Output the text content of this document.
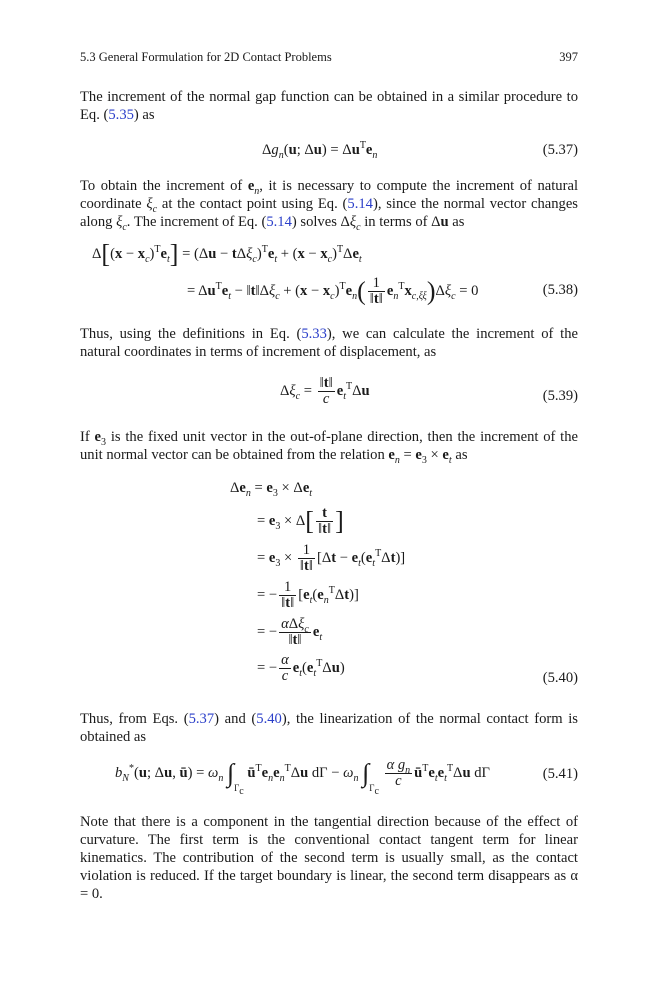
5.3 General Formulation for 2D Contact Problems	397
The increment of the normal gap function can be obtained in a similar procedure to Eq. (5.35) as
$\Delta g_n(u$; $\Delta u) = \Delta u^Te_n$	(5.37)
To obtain the increment of $e_n$, it is necessary to compute the increment of natural coordinate $\xi_c$ at the contact point using Eq. (5.14), since the normal vector changes along $\xi_c$. The increment of Eq. (5.14) solves $\Delta\xi_c$ in terms of Δu as
$\Delta[(x - x_c)^Te_t] = (\Delta u - t\Delta\xi_c)^Te_t + (x - x_c)^T\Delta e_t$
= $\Delta u^Te_t$ − $‖t‖\Delta\xi_c + (x - x_c)^Te_n( \frac{1}{‖t‖} e_n^Tx_{c,\xi\xi})\Delta\xi_c = 0$	(5.38)
Thus, using the definitions in Eq. (5.33), we can calculate the increment of the natural coordinates in terms of increment of displacement, as
$\Delta\xi_c = \frac{‖t‖}{c} e_t^T\Delta u$	(5.39)
If $e_3$ is the fixed unit vector in the out-of-plane direction, then the increment of the unit normal vector can be obtained from the relation $e_n = e_3 \times e_t$ as
$\Delta e_n = e_3 \times \Delta e_t$
= $e_3 \times \Delta[ \frac{t}{‖t‖}$ ]
= $e_3 \times \frac{1}{‖t‖} [\Delta t - e_t(e_t^T\Delta t)]$
= − $\frac{1}{‖t‖} [e_t(e_n^T\Delta t)]$
= − $\frac{\alpha\Delta\xi_c}{‖t‖} e_t$
= − $\frac{\alpha}{c} e_t(e_t^T\Delta u)$
(5.40)
Thus, from Eqs. (5.37) and (5.40), the linearization of the normal contact form is obtained as
$b_N^*(u$; Δu, ū) = $\omega_n$ $\int_{\Gamma_c}$ $ū^Te_ne_n^T\Delta u$ $d\Gamma - \omega_n$ $\int_{\Gamma_c}$
$\frac{\alpha g_n}{c}$ $ū^Te_te_t^T\Delta u$ dΓ	(5.41)
Note that there is a component in the tangential direction because of the effect of curvature. The first term is the conventional contact tangent term for linear kinematics. The contribution of the second term is usually small, as the contact violation is reduced. If the target boundary is linear, the second term disappears as α = 0.
